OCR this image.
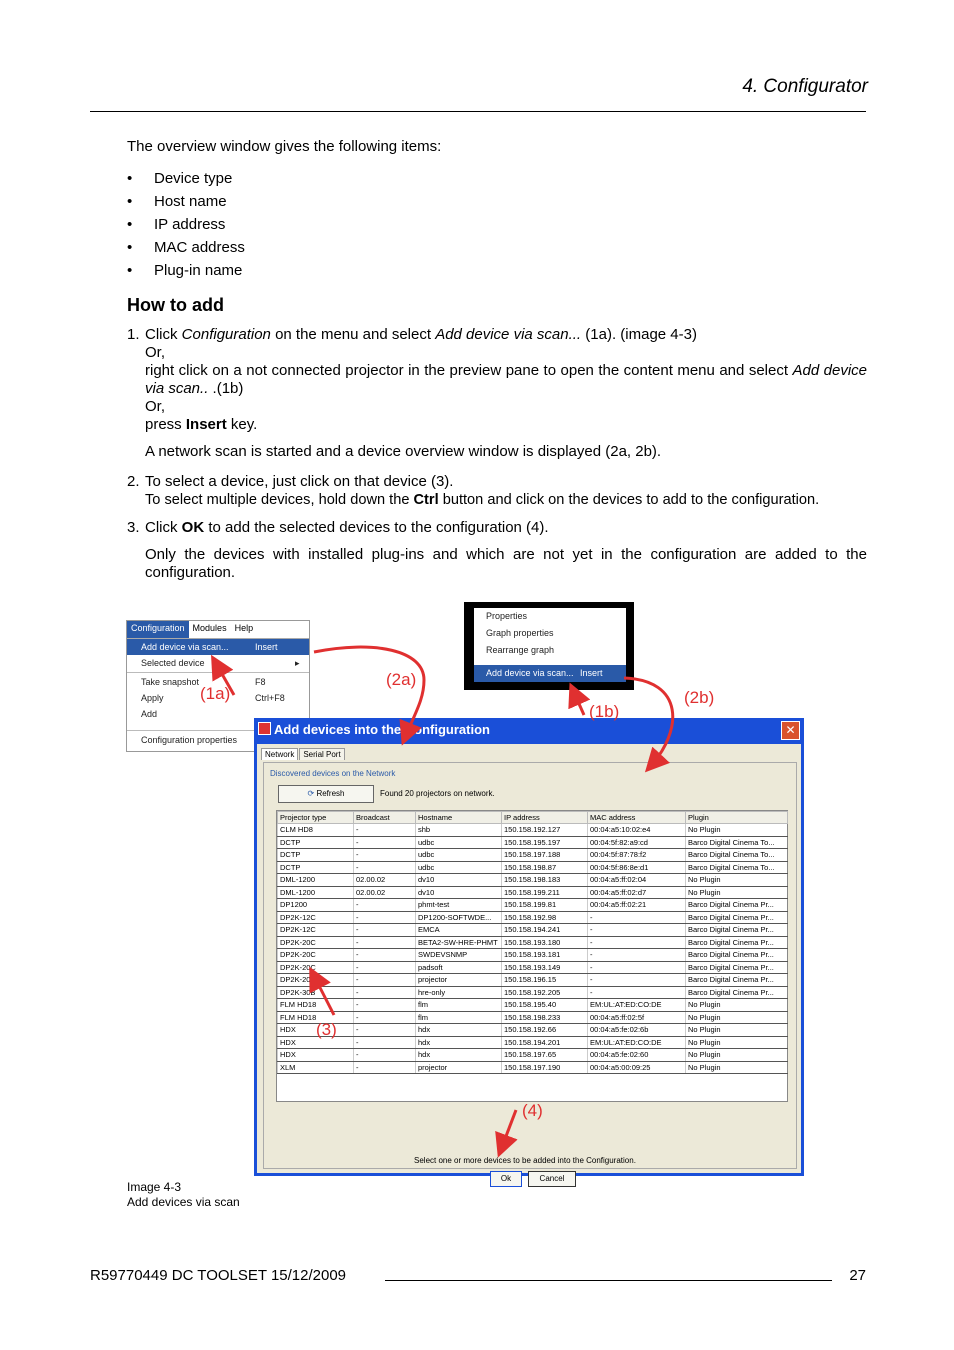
4. Configurator
The overview window gives the following items:
• Device type
• Host name
• IP address
• MAC address
• Plug-in name
How to add
1. Click Configuration on the menu and select Add device via scan... (1a). (image 4-3)
Or,
right click on a not connected projector in the preview pane to open the content menu and select Add device via scan.. .(1b)
Or,
press Insert key.
A network scan is started and a device overview window is displayed (2a, 2b).
2. To select a device, just click on that device (3).
To select multiple devices, hold down the Ctrl button and click on the devices to add to the configuration.
3. Click OK to add the selected devices to the configuration (4).
Only the devices with installed plug-ins and which are not yet in the configuration are added to the configuration.
Configuration Modules Help
Add device via scan...	Insert
Selected device	▸
Take snapshot	F8
Apply	Ctrl+F8
Add
Configuration properties
Properties
Graph properties
Rearrange graph
Add device via scan... Insert
Add devices into the Configuration	✕
Network	Serial Port
Discovered devices on the Network
⟳ Refresh	Found 20 projectors on network.
Projector type	Broadcast	Hostname	IP address	MAC address	Plugin
CLM HD8	-	shb	150.158.192.127	00:04:a5:10:02:e4	No Plugin
DCTP	-	udbc	150.158.195.197	00:04:5f:82:a9:cd	Barco Digital Cinema To...
DCTP	-	udbc	150.158.197.188	00:04:5f:87:78:f2	Barco Digital Cinema To...
DCTP	-	udbc	150.158.198.87	00:04:5f:86:8e:d1	Barco Digital Cinema To...
DML-1200	02.00.02	dv10	150.158.198.183	00:04:a5:ff:02:04	No Plugin
DML-1200	02.00.02	dv10	150.158.199.211	00:04:a5:ff:02:d7	No Plugin
DP1200	-	phmt-test	150.158.199.81	00:04:a5:ff:02:21	Barco Digital Cinema Pr...
DP2K-12C	-	DP1200-SOFTWDE...	150.158.192.98	-	Barco Digital Cinema Pr...
DP2K-12C	-	EMCA	150.158.194.241	-	Barco Digital Cinema Pr...
DP2K-20C	-	BETA2-SW-HRE-PHMT	150.158.193.180	-	Barco Digital Cinema Pr...
DP2K-20C	-	SWDEVSNMP	150.158.193.181	-	Barco Digital Cinema Pr...
DP2K-20C	-	padsoft	150.158.193.149	-	Barco Digital Cinema Pr...
DP2K-20C	-	projector	150.158.196.15	-	Barco Digital Cinema Pr...
DP2K-30B	-	hre-only	150.158.192.205	-	Barco Digital Cinema Pr...
FLM HD18	-	flm	150.158.195.40	EM:UL:AT:ED:CO:DE	No Plugin
FLM HD18	-	flm	150.158.198.233	00:04:a5:ff:02:5f	No Plugin
HDX	-	hdx	150.158.192.66	00:04:a5:fe:02:6b	No Plugin
HDX	-	hdx	150.158.194.201	EM:UL:AT:ED:CO:DE	No Plugin
HDX	-	hdx	150.158.197.65	00:04:a5:fe:02:60	No Plugin
XLM	-	projector	150.158.197.190	00:04:a5:00:09:25	No Plugin
Select one or more devices to be added into the Configuration.
Ok	Cancel
(1a)
(2a)
(1b)
(2b)
(3)
(4)
Image 4-3
Add devices via scan
R59770449 DC TOOLSET 15/12/2009	27
